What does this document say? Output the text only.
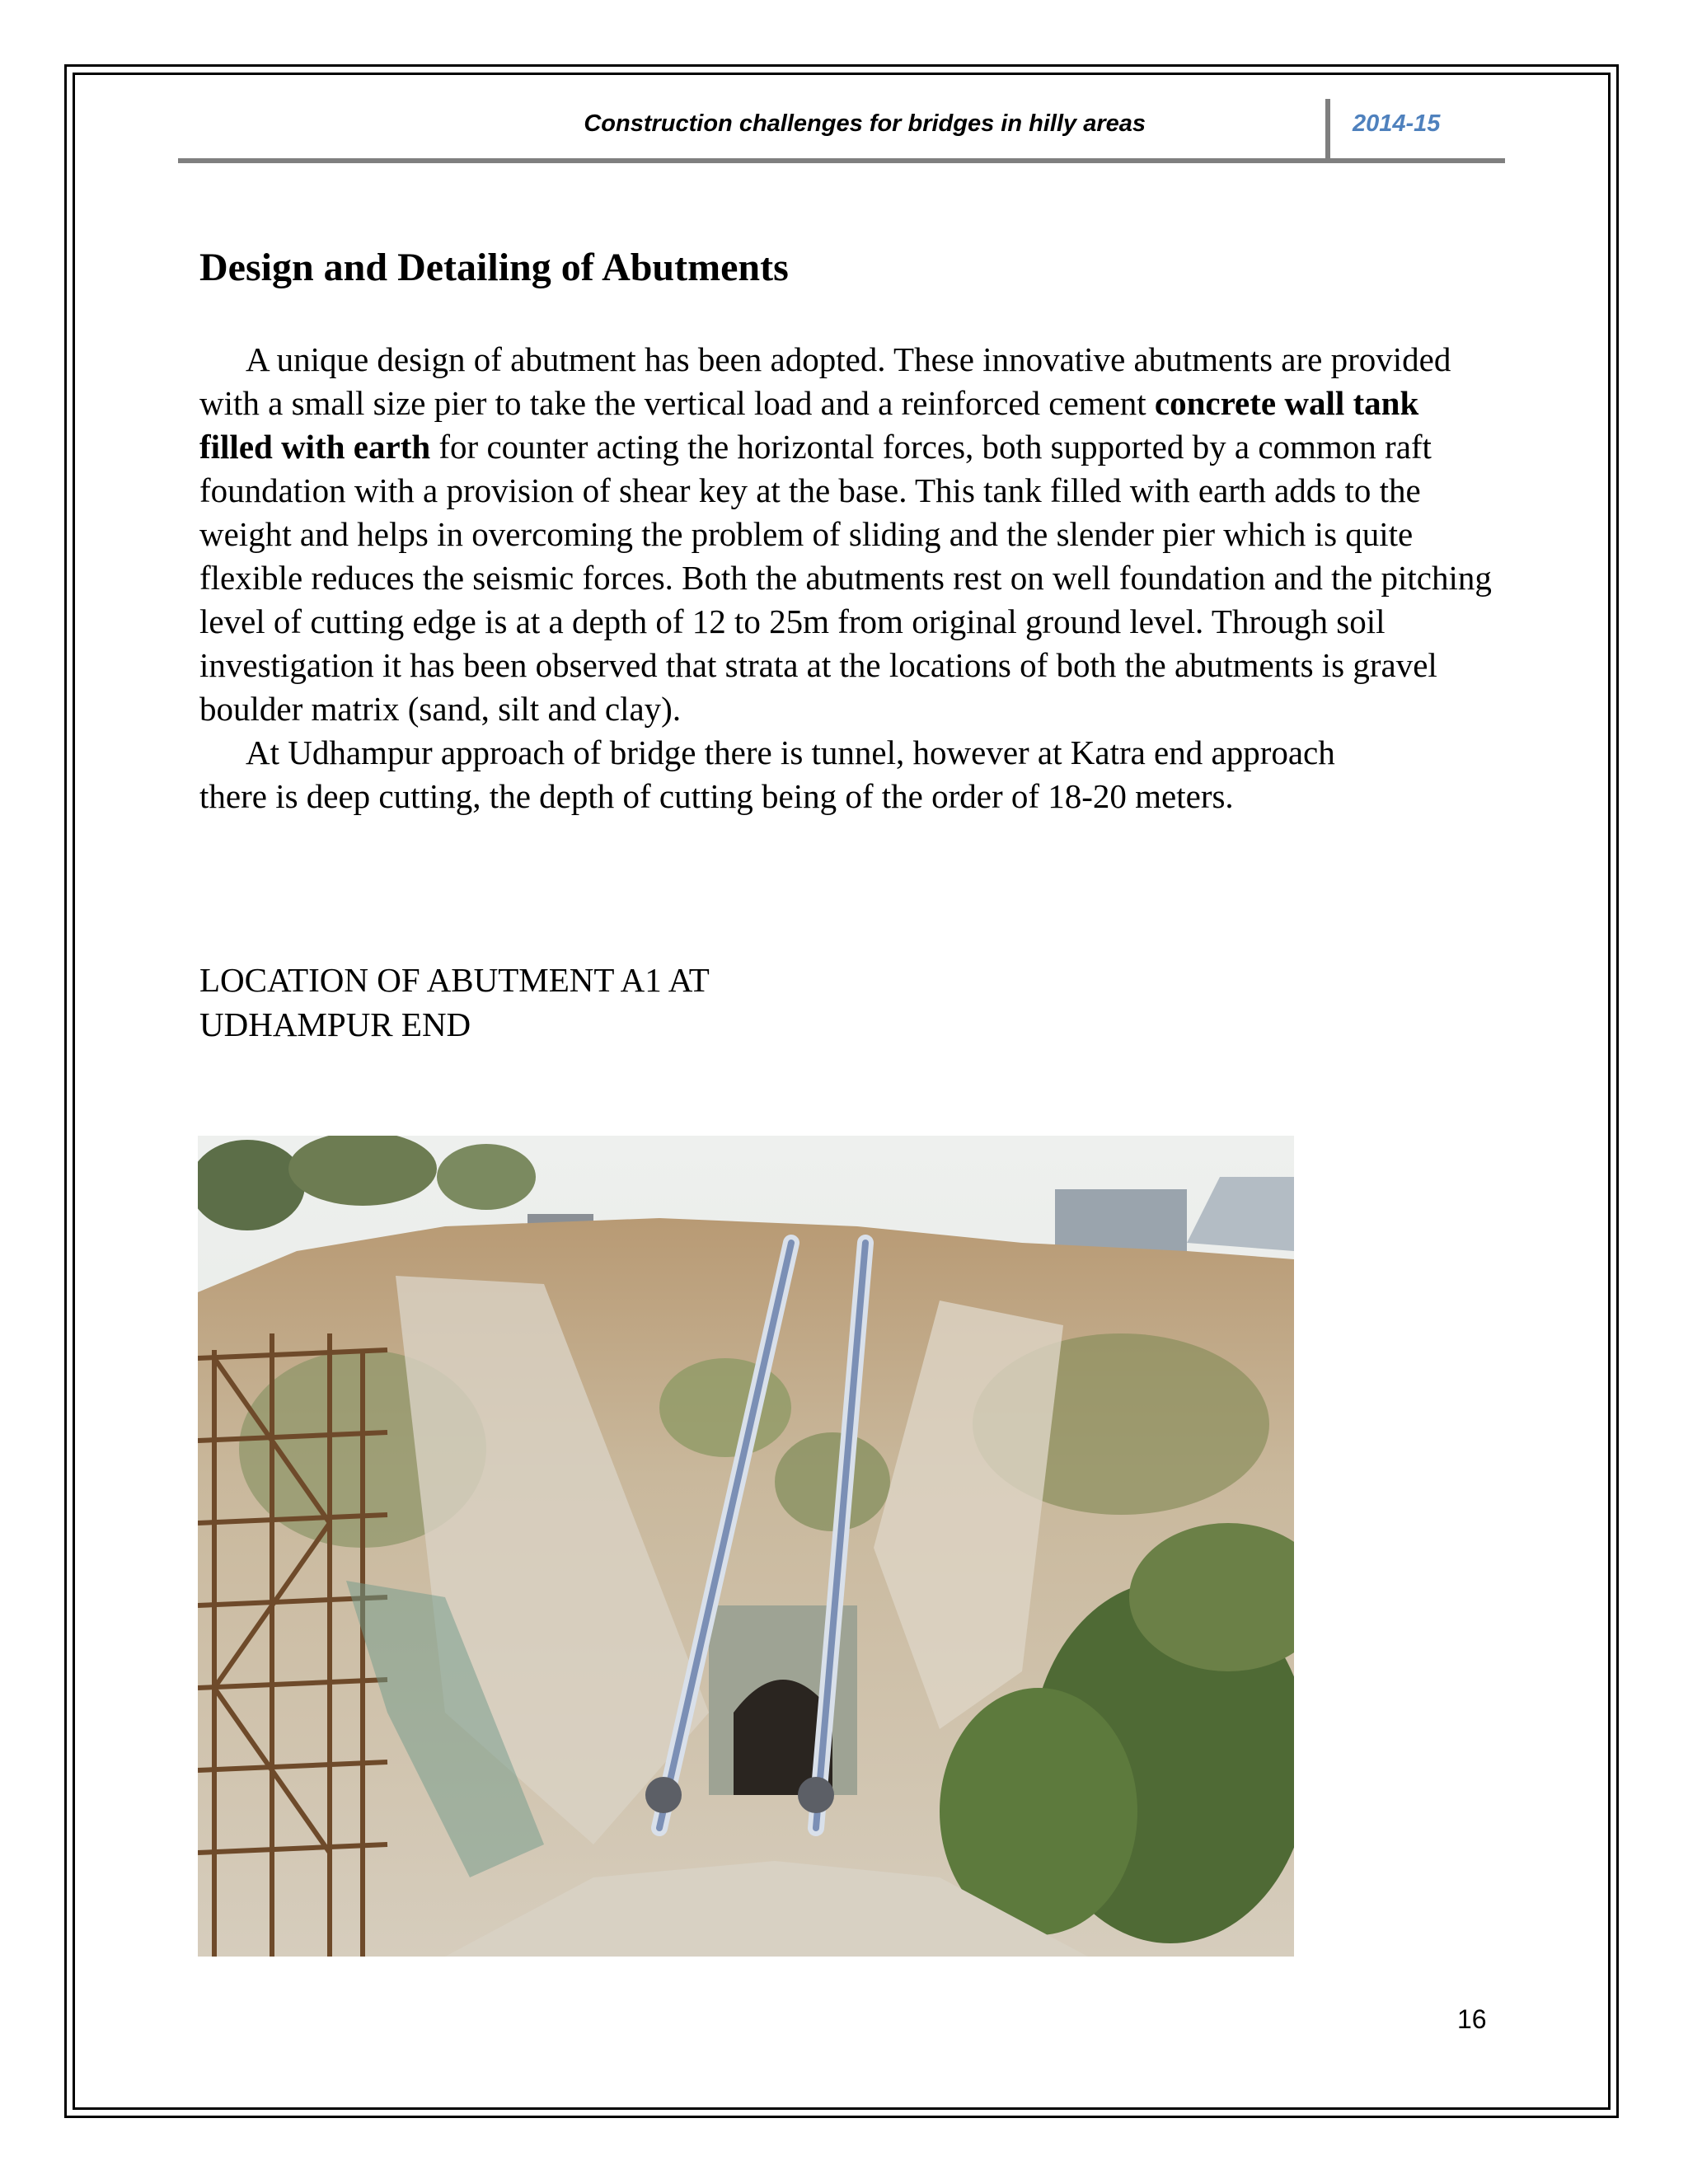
Construction challenges for bridges in hilly areas	2014-15
Design and Detailing of Abutments

A unique design of abutment has been adopted. These innovative abutments are provided with a small size pier to take the vertical load and a reinforced cement concrete wall tank filled with earth for counter acting the horizontal forces, both supported by a common raft foundation with a provision of shear key at the base. This tank filled with earth adds to the weight and helps in overcoming the problem of sliding and the slender pier which is quite flexible reduces the seismic forces. Both the abutments rest on well foundation and the pitching level of cutting edge is at a depth of 12 to 25m from original ground level. Through soil investigation it has been observed that strata at the locations of both the abutments is gravel boulder matrix (sand, silt and clay).

At Udhampur approach of bridge there is tunnel, however at Katra end approach

there is deep cutting, the depth of cutting being of the order of 18-20 meters.

LOCATION OF ABUTMENT A1 AT
UDHAMPUR END
16
